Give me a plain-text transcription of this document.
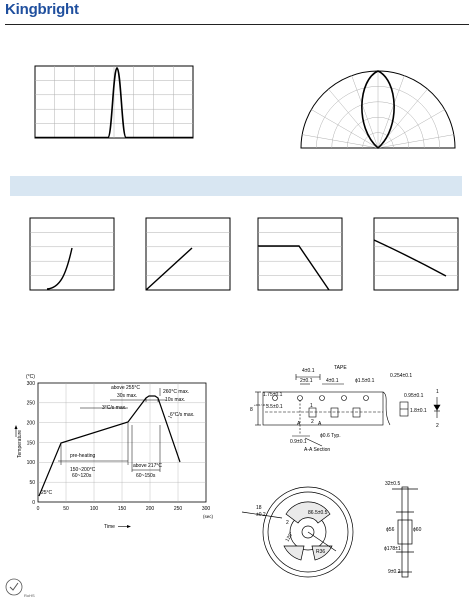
Kingbright
300
250
200
150
100
50
0
0	50	100	150	200	250	300
(°C)
Temperature
Time
(sec)
above 255°C
30s max.
260°C max.
10s max.
3°C/s max.
6°C/s max.
pre-heating
150~200°C
60~120s
above 217°C
60~150s
25°C
TAPE
4±0.1
2±0.1	4±0.1	ϕ1.5±0.1
0.254±0.1
1.75±0.1
3.5±0.1
8
+0.3 / -0.1
0.95±0.1
1.8±0.1
0.9±0.1
ϕ0.6 Typ.
A	A
A-A Section
1
2
1
2
18
±0.2	86.5±0.5
2
120°
R36
32±0.5
ϕ56	ϕ60
ϕ178±1
9±0.2
RoHS
